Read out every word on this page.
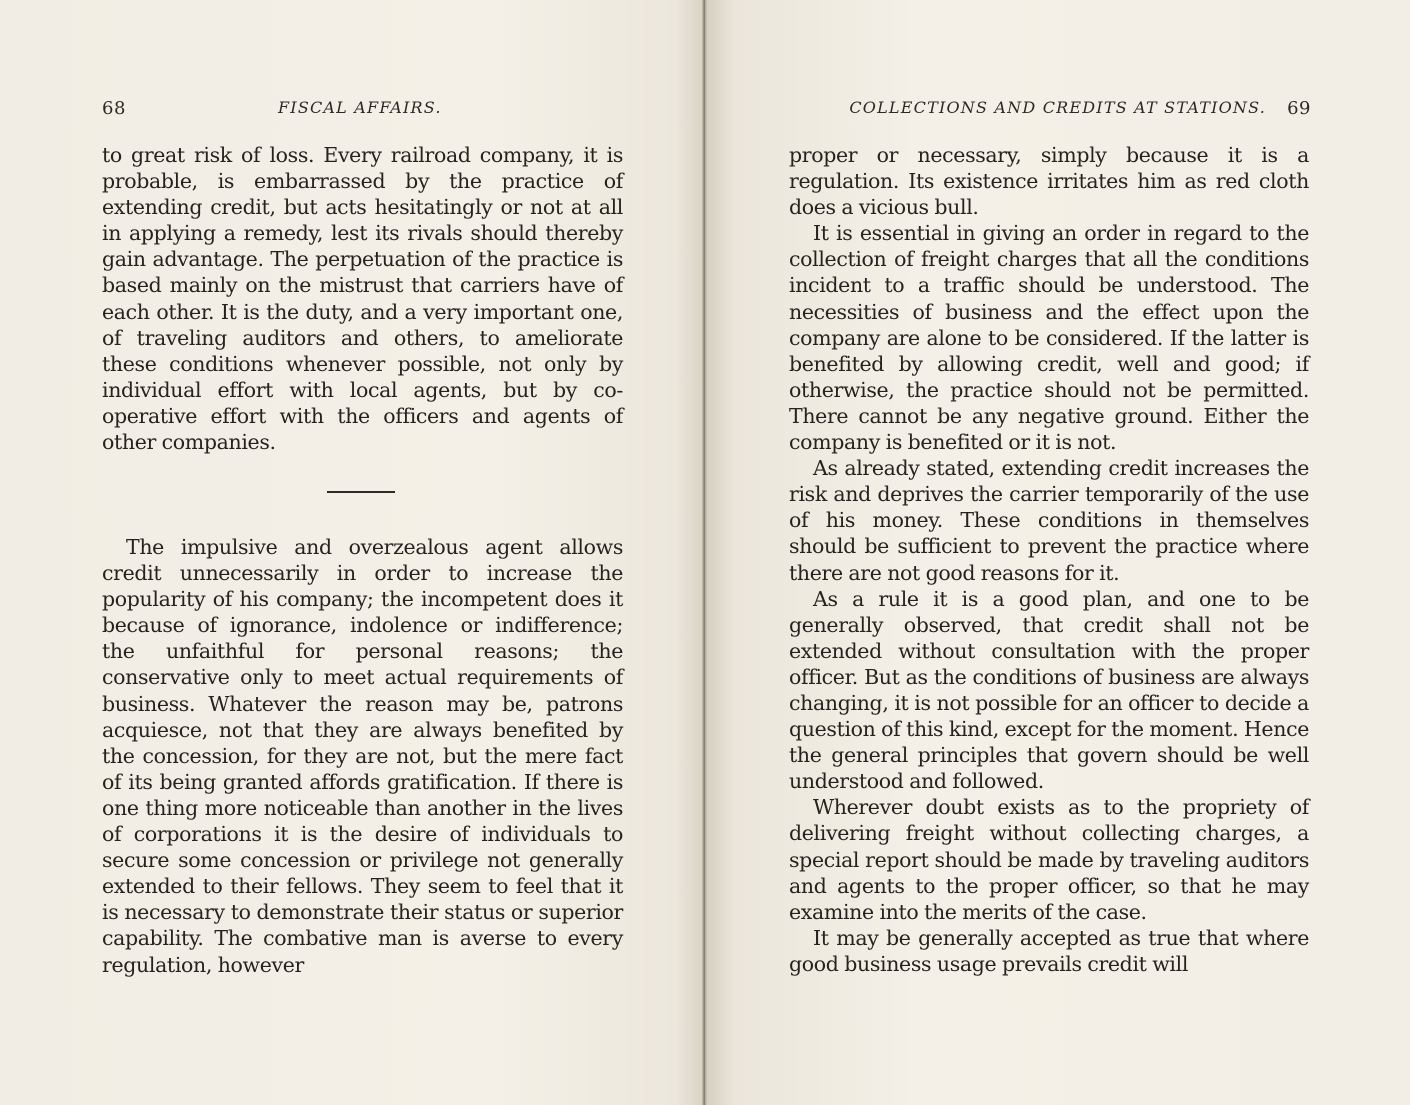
68	FISCAL AFFAIRS.

to great risk of loss. Every railroad company, it is probable, is embarrassed by the practice of extending credit, but acts hesitatingly or not at all in applying a remedy, lest its rivals should thereby gain advantage. The perpetuation of the practice is based mainly on the mistrust that carriers have of each other. It is the duty, and a very important one, of traveling auditors and others, to ameliorate these conditions whenever possible, not only by individual effort with local agents, but by co-operative effort with the officers and agents of other companies.

The impulsive and overzealous agent allows credit unnecessarily in order to increase the popularity of his company; the incompetent does it because of ignorance, indolence or indifference; the unfaithful for personal reasons; the conservative only to meet actual requirements of business. Whatever the reason may be, patrons acquiesce, not that they are always benefited by the concession, for they are not, but the mere fact of its being granted affords gratification. If there is one thing more noticeable than another in the lives of corporations it is the desire of individuals to secure some concession or privilege not generally extended to their fellows. They seem to feel that it is necessary to demonstrate their status or superior capability. The combative man is averse to every regulation, however

COLLECTIONS AND CREDITS AT STATIONS. 69

proper or necessary, simply because it is a regulation. Its existence irritates him as red cloth does a vicious bull.

It is essential in giving an order in regard to the collection of freight charges that all the conditions incident to a traffic should be understood. The necessities of business and the effect upon the company are alone to be considered. If the latter is benefited by allowing credit, well and good; if otherwise, the practice should not be permitted. There cannot be any negative ground. Either the company is benefited or it is not.

As already stated, extending credit increases the risk and deprives the carrier temporarily of the use of his money. These conditions in themselves should be sufficient to prevent the practice where there are not good reasons for it.

As a rule it is a good plan, and one to be generally observed, that credit shall not be extended without consultation with the proper officer. But as the conditions of business are always changing, it is not possible for an officer to decide a question of this kind, except for the moment. Hence the general principles that govern should be well understood and followed.

Wherever doubt exists as to the propriety of delivering freight without collecting charges, a special report should be made by traveling auditors and agents to the proper officer, so that he may examine into the merits of the case.

It may be generally accepted as true that where good business usage prevails credit will
